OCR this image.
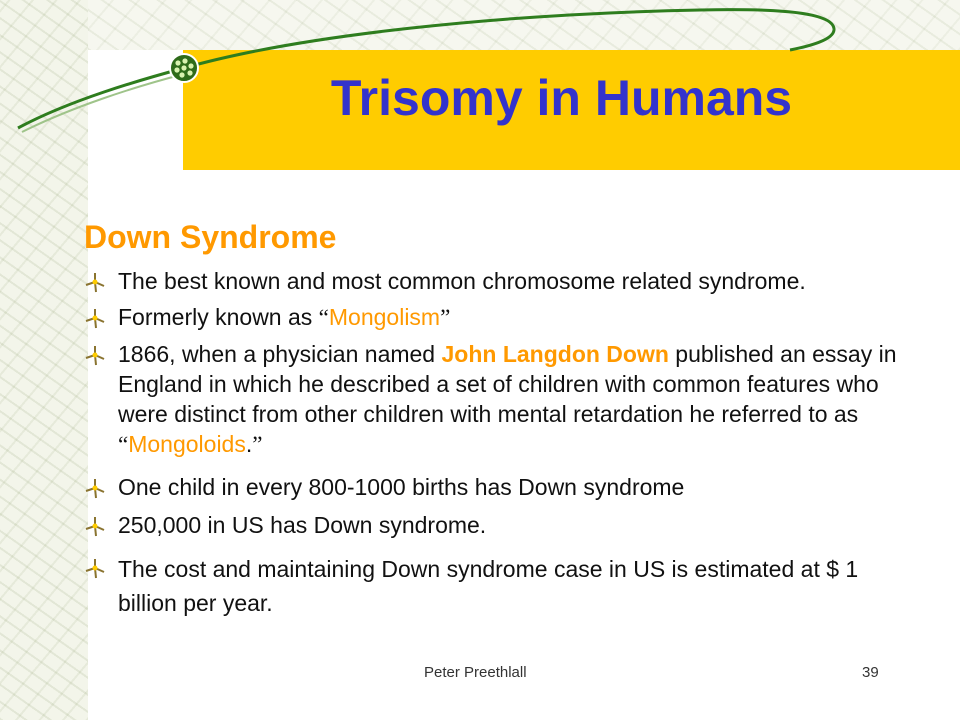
Trisomy in Humans
Down Syndrome
The best known and most common chromosome related syndrome.
Formerly known as “Mongolism”
1866, when a physician named John Langdon Down published an essay in England in which he described a set of children with common features who were distinct from other children with mental retardation he referred to as “Mongoloids.”
One child in every 800-1000 births has Down syndrome
250,000 in US has Down syndrome.
The cost and maintaining Down syndrome case in US is estimated at $ 1 billion per year.
Peter Preethlall	39
